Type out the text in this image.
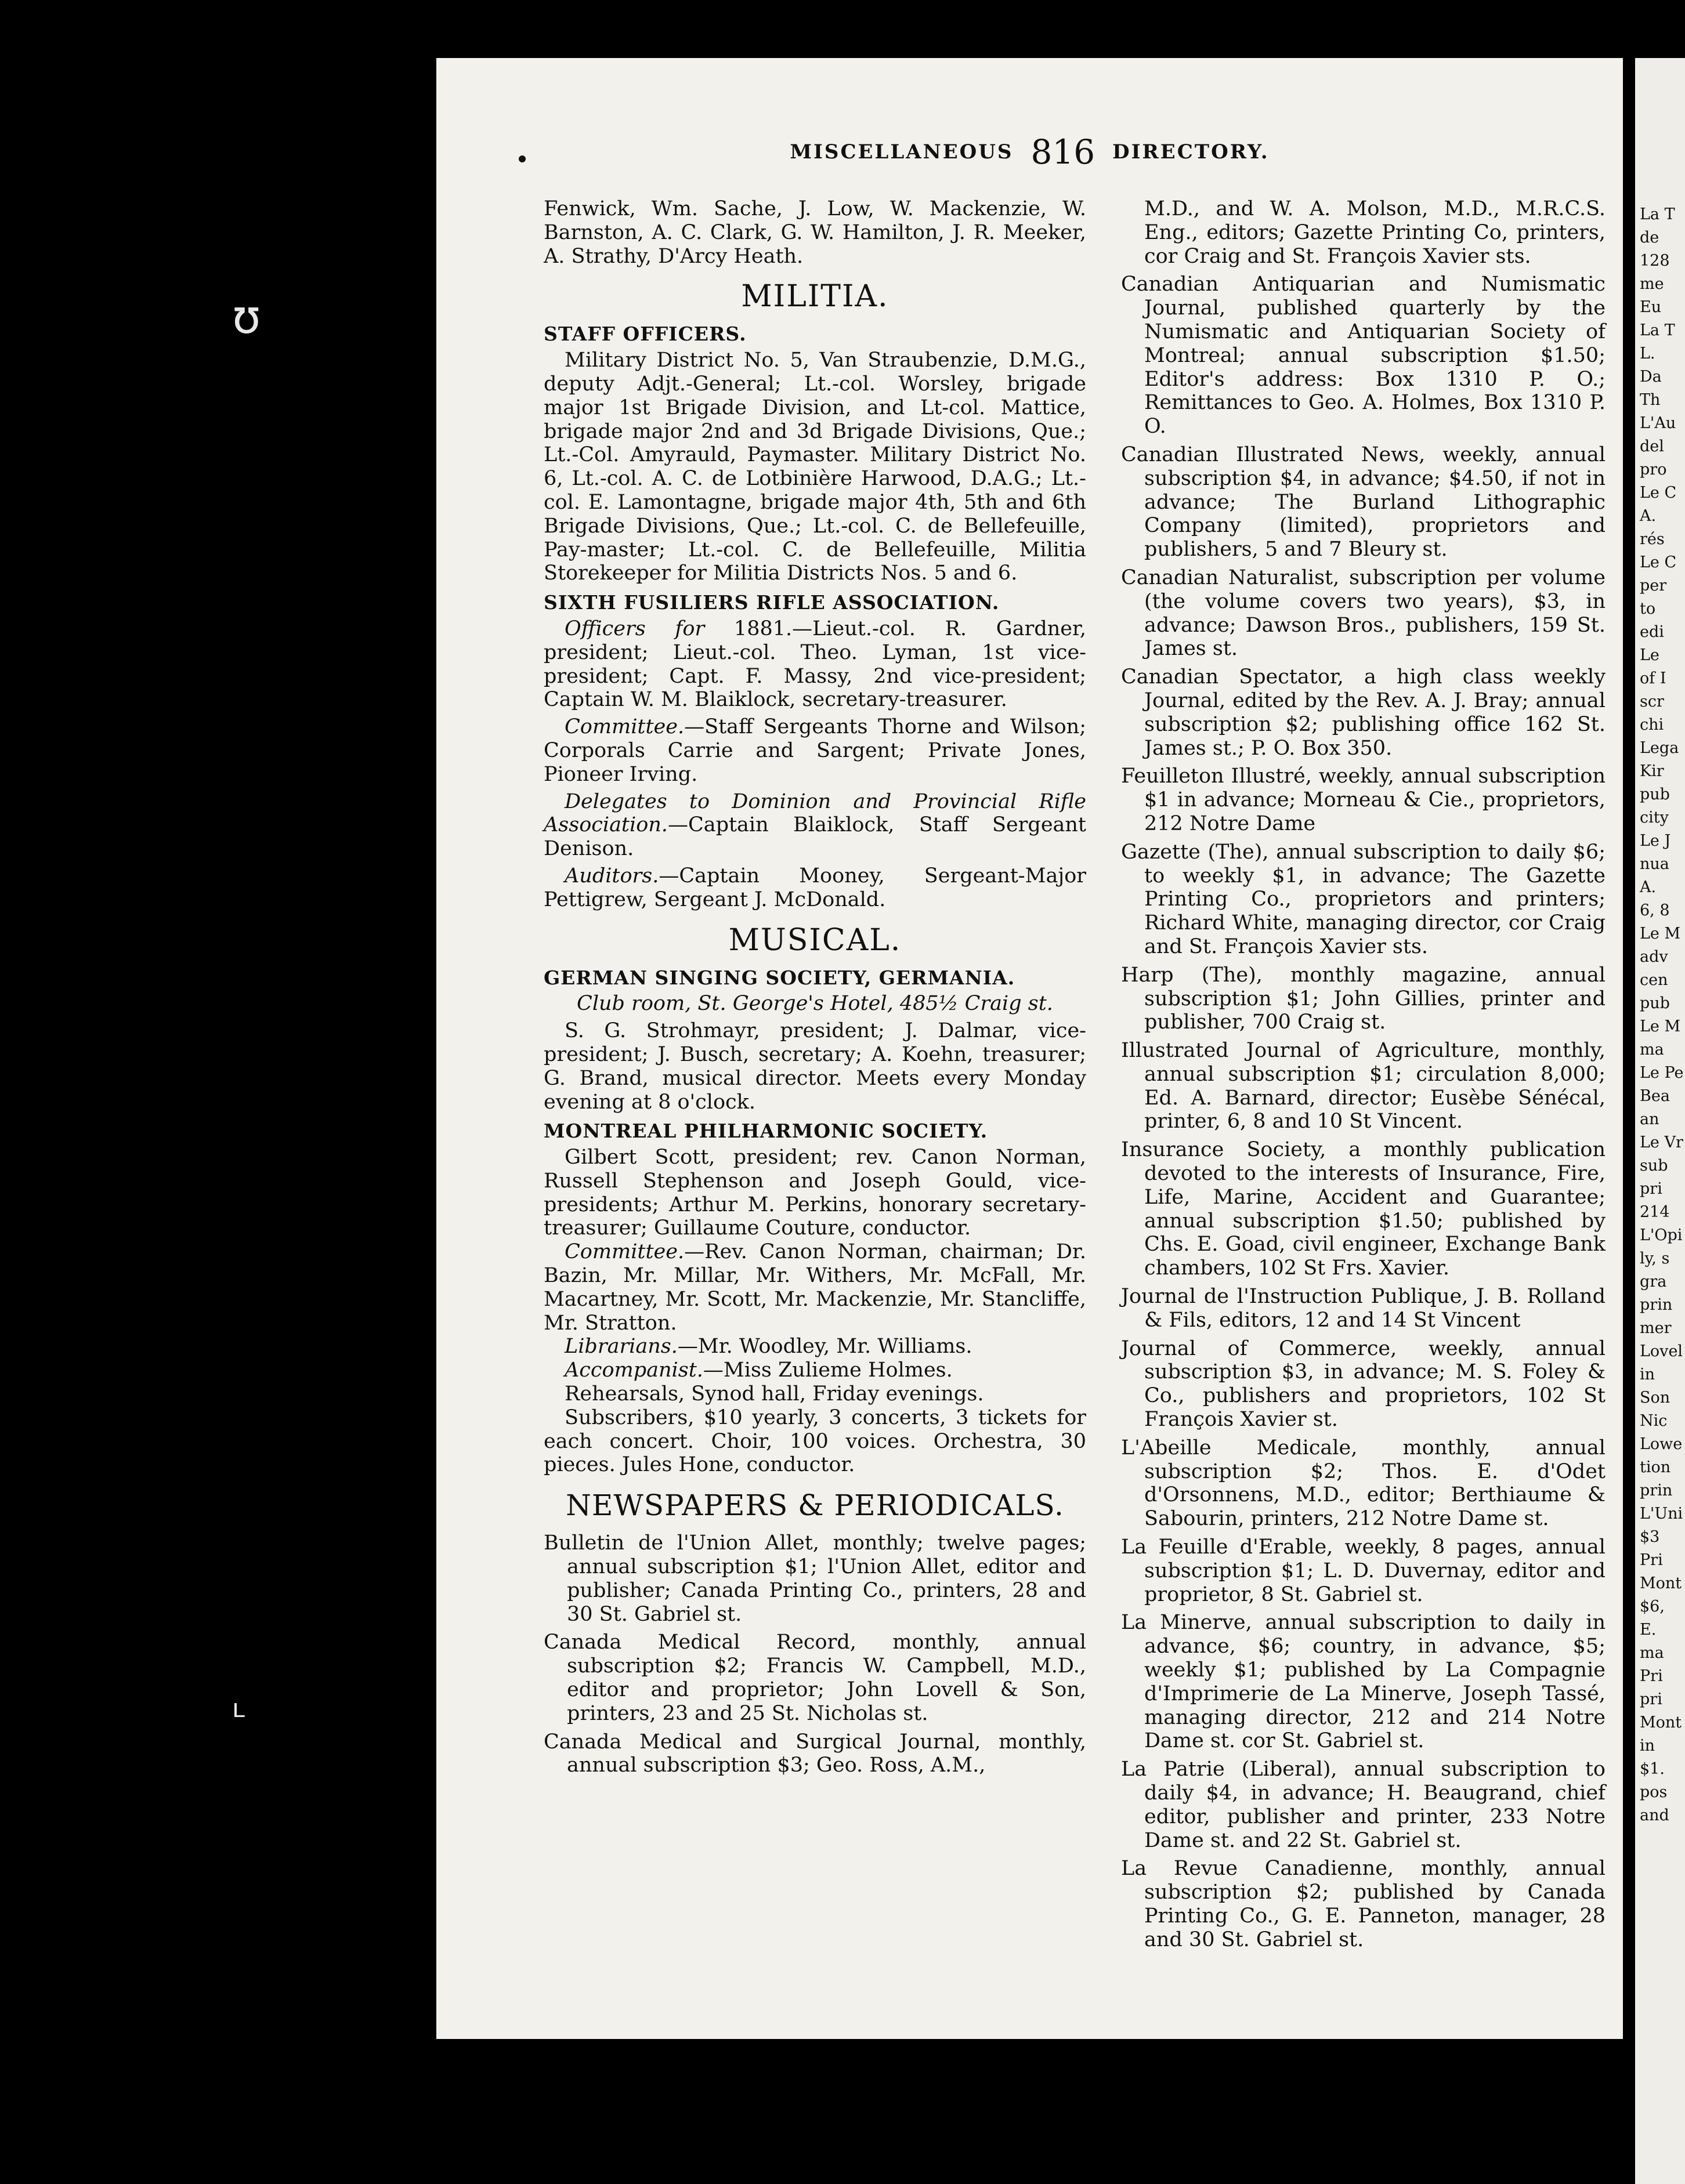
ʊ
ʟ
MISCELLANEOUS 816 DIRECTORY.
Fenwick, Wm. Sache, J. Low, W. Mackenzie, W. Barnston, A. C. Clark, G. W. Hamilton, J. R. Meeker, A. Strathy, D'Arcy Heath.
MILITIA.
STAFF OFFICERS.
Military District No. 5, Van Straubenzie, D.M.G., deputy Adjt.-General; Lt.-col. Worsley, brigade major 1st Brigade Division, and Lt-col. Mattice, brigade major 2nd and 3d Brigade Divisions, Que.; Lt.-Col. Amyrauld, Paymaster. Military District No. 6, Lt.-col. A. C. de Lotbinière Harwood, D.A.G.; Lt.-col. E. Lamontagne, brigade major 4th, 5th and 6th Brigade Divisions, Que.; Lt.-col. C. de Bellefeuille, Pay-master; Lt.-col. C. de Bellefeuille, Militia Storekeeper for Militia Districts Nos. 5 and 6.
SIXTH FUSILIERS RIFLE ASSOCIATION.
Officers for 1881.—Lieut.-col. R. Gardner, president; Lieut.-col. Theo. Lyman, 1st vice-president; Capt. F. Massy, 2nd vice-president; Captain W. M. Blaiklock, secretary-treasurer.
Committee.—Staff Sergeants Thorne and Wilson; Corporals Carrie and Sargent; Private Jones, Pioneer Irving.
Delegates to Dominion and Provincial Rifle Association.—Captain Blaiklock, Staff Sergeant Denison.
Auditors.—Captain Mooney, Sergeant-Major Pettigrew, Sergeant J. McDonald.
MUSICAL.
GERMAN SINGING SOCIETY, GERMANIA.
Club room, St. George's Hotel, 485½ Craig st.
S. G. Strohmayr, president; J. Dalmar, vice-president; J. Busch, secretary; A. Koehn, treasurer; G. Brand, musical director. Meets every Monday evening at 8 o'clock.
MONTREAL PHILHARMONIC SOCIETY.
Gilbert Scott, president; rev. Canon Norman, Russell Stephenson and Joseph Gould, vice-presidents; Arthur M. Perkins, honorary secretary-treasurer; Guillaume Couture, conductor.
Committee.—Rev. Canon Norman, chairman; Dr. Bazin, Mr. Millar, Mr. Withers, Mr. McFall, Mr. Macartney, Mr. Scott, Mr. Mackenzie, Mr. Stancliffe, Mr. Stratton.
Librarians.—Mr. Woodley, Mr. Williams.
Accompanist.—Miss Zulieme Holmes.
Rehearsals, Synod hall, Friday evenings.
Subscribers, $10 yearly, 3 concerts, 3 tickets for each concert. Choir, 100 voices. Orchestra, 30 pieces. Jules Hone, conductor.
NEWSPAPERS & PERIODICALS.
Bulletin de l'Union Allet, monthly; twelve pages; annual subscription $1; l'Union Allet, editor and publisher; Canada Printing Co., printers, 28 and 30 St. Gabriel st.
Canada Medical Record, monthly, annual subscription $2; Francis W. Campbell, M.D., editor and proprietor; John Lovell & Son, printers, 23 and 25 St. Nicholas st.
Canada Medical and Surgical Journal, monthly, annual subscription $3; Geo. Ross, A.M.,
M.D., and W. A. Molson, M.D., M.R.C.S. Eng., editors; Gazette Printing Co, printers, cor Craig and St. François Xavier sts.
Canadian Antiquarian and Numismatic Journal, published quarterly by the Numismatic and Antiquarian Society of Montreal; annual subscription $1.50; Editor's address: Box 1310 P. O.; Remittances to Geo. A. Holmes, Box 1310 P. O.
Canadian Illustrated News, weekly, annual subscription $4, in advance; $4.50, if not in advance; The Burland Lithographic Company (limited), proprietors and publishers, 5 and 7 Bleury st.
Canadian Naturalist, subscription per volume (the volume covers two years), $3, in advance; Dawson Bros., publishers, 159 St. James st.
Canadian Spectator, a high class weekly Journal, edited by the Rev. A. J. Bray; annual subscription $2; publishing office 162 St. James st.; P. O. Box 350.
Feuilleton Illustré, weekly, annual subscription $1 in advance; Morneau & Cie., proprietors, 212 Notre Dame
Gazette (The), annual subscription to daily $6; to weekly $1, in advance; The Gazette Printing Co., proprietors and printers; Richard White, managing director, cor Craig and St. François Xavier sts.
Harp (The), monthly magazine, annual subscription $1; John Gillies, printer and publisher, 700 Craig st.
Illustrated Journal of Agriculture, monthly, annual subscription $1; circulation 8,000; Ed. A. Barnard, director; Eusèbe Sénécal, printer, 6, 8 and 10 St Vincent.
Insurance Society, a monthly publication devoted to the interests of Insurance, Fire, Life, Marine, Accident and Guarantee; annual subscription $1.50; published by Chs. E. Goad, civil engineer, Exchange Bank chambers, 102 St Frs. Xavier.
Journal de l'Instruction Publique, J. B. Rolland & Fils, editors, 12 and 14 St Vincent
Journal of Commerce, weekly, annual subscription $3, in advance; M. S. Foley & Co., publishers and proprietors, 102 St François Xavier st.
L'Abeille Medicale, monthly, annual subscription $2; Thos. E. d'Odet d'Orsonnens, M.D., editor; Berthiaume & Sabourin, printers, 212 Notre Dame st.
La Feuille d'Erable, weekly, 8 pages, annual subscription $1; L. D. Duvernay, editor and proprietor, 8 St. Gabriel st.
La Minerve, annual subscription to daily in advance, $6; country, in advance, $5; weekly $1; published by La Compagnie d'Imprimerie de La Minerve, Joseph Tassé, managing director, 212 and 214 Notre Dame st. cor St. Gabriel st.
La Patrie (Liberal), annual subscription to daily $4, in advance; H. Beaugrand, chief editor, publisher and printer, 233 Notre Dame st. and 22 St. Gabriel st.
La Revue Canadienne, monthly, annual subscription $2; published by Canada Printing Co., G. E. Panneton, manager, 28 and 30 St. Gabriel st.
La T
de
128
me
Eu
La T
L.
Da
Th
L'Au
del
pro
Le C
A.
rés
Le C
per
to
edi
Le
of I
scr
chi
Lega
Kir
pub
city
Le J
nua
A.
6, 8
Le M
adv
cen
pub
Le M
ma
Le Pe
Bea
an
Le Vr
sub
pri
214
L'Opi
ly, s
gra
prin
mer
Lovel
in
Son
Nic
Lowe
tion
prin
L'Uni
$3
Pri
Mont
$6,
E.
ma
Pri
pri
Mont
in
$1.
pos
and
